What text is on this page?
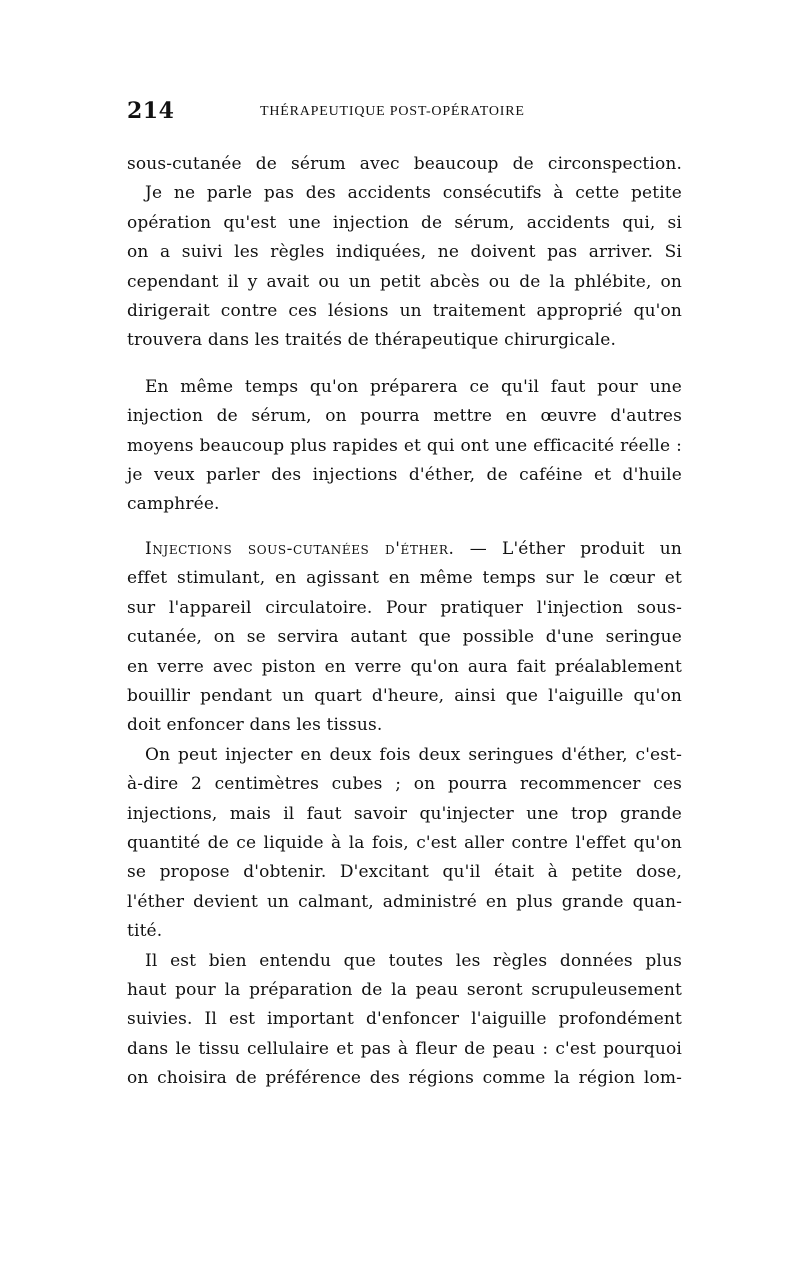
214	THÉRAPEUTIQUE POST-OPÉRATOIRE
sous-cutanée de sérum avec beaucoup de circonspection.
Je ne parle pas des accidents consécutifs à cette petite
opération qu'est une injection de sérum, accidents qui, si
on a suivi les règles indiquées, ne doivent pas arriver. Si
cependant il y avait ou un petit abcès ou de la phlébite, on
dirigerait contre ces lésions un traitement approprié qu'on
trouvera dans les traités de thérapeutique chirurgicale.
En même temps qu'on préparera ce qu'il faut pour une
injection de sérum, on pourra mettre en œuvre d'autres
moyens beaucoup plus rapides et qui ont une efficacité réelle :
je veux parler des injections d'éther, de caféine et d'huile
camphrée.
Injections sous-cutanées d'éther. — L'éther produit un
effet stimulant, en agissant en même temps sur le cœur et
sur l'appareil circulatoire. Pour pratiquer l'injection sous-
cutanée, on se servira autant que possible d'une seringue
en verre avec piston en verre qu'on aura fait préalablement
bouillir pendant un quart d'heure, ainsi que l'aiguille qu'on
doit enfoncer dans les tissus.
On peut injecter en deux fois deux seringues d'éther, c'est-
à-dire 2 centimètres cubes ; on pourra recommencer ces
injections, mais il faut savoir qu'injecter une trop grande
quantité de ce liquide à la fois, c'est aller contre l'effet qu'on
se propose d'obtenir. D'excitant qu'il était à petite dose,
l'éther devient un calmant, administré en plus grande quan-
tité.
Il est bien entendu que toutes les règles données plus
haut pour la préparation de la peau seront scrupuleusement
suivies. Il est important d'enfoncer l'aiguille profondément
dans le tissu cellulaire et pas à fleur de peau : c'est pourquoi
on choisira de préférence des régions comme la région lom-
